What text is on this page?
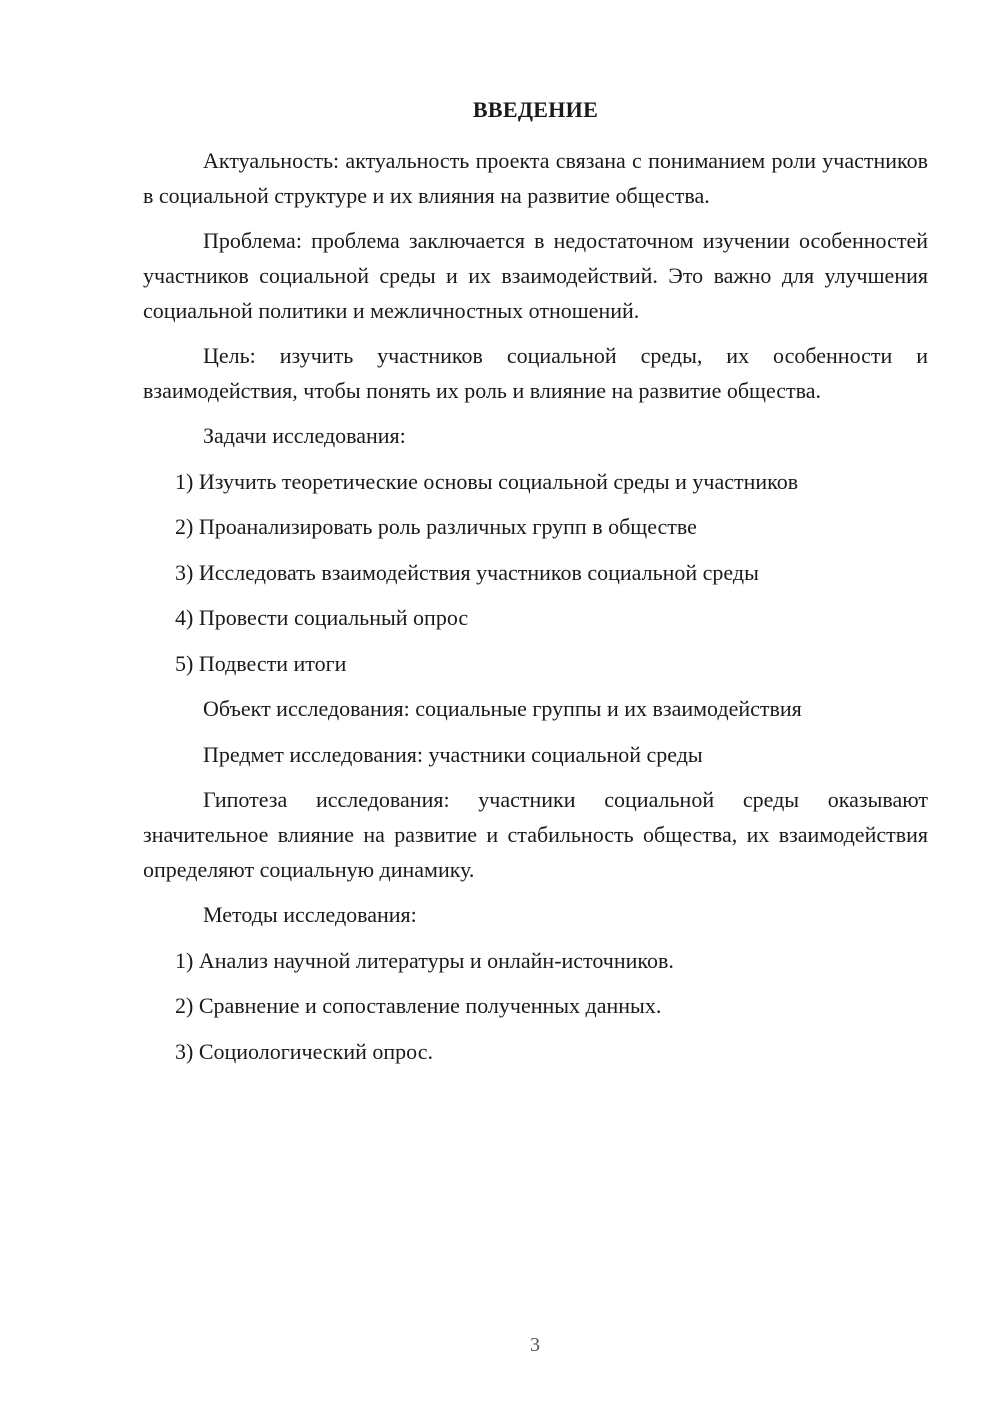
ВВЕДЕНИЕ

Актуальность: актуальность проекта связана с пониманием роли участников в социальной структуре и их влияния на развитие общества.

Проблема: проблема заключается в недостаточном изучении особенностей участников социальной среды и их взаимодействий. Это важно для улучшения социальной политики и межличностных отношений.

Цель: изучить участников социальной среды, их особенности и взаимодействия, чтобы понять их роль и влияние на развитие общества.

Задачи исследования:

1) Изучить теоретические основы социальной среды и участников
2) Проанализировать роль различных групп в обществе
3) Исследовать взаимодействия участников социальной среды
4) Провести социальный опрос
5) Подвести итоги

Объект исследования: социальные группы и их взаимодействия

Предмет исследования: участники социальной среды

Гипотеза исследования: участники социальной среды оказывают значительное влияние на развитие и стабильность общества, их взаимодействия определяют социальную динамику.

Методы исследования:

1) Анализ научной литературы и онлайн-источников.
2) Сравнение и сопоставление полученных данных.
3) Социологический опрос.
3
